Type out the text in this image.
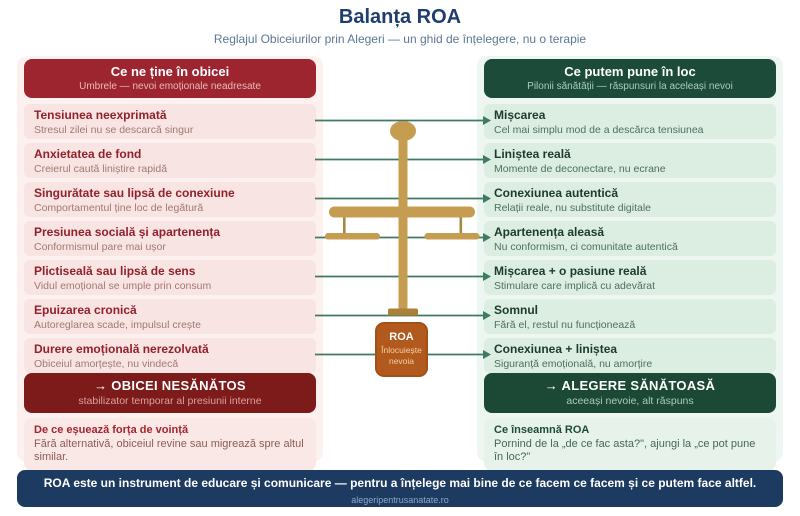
Balanța ROA
Reglajul Obiceiurilor prin Alegeri — un ghid de înțelegere, nu o terapie
Ce ne ține în obicei
Umbrele — nevoi emoționale neadresate
Tensiunea neexprimată
Stresul zilei nu se descarcă singur
Anxietatea de fond
Creierul caută liniștire rapidă
Singurătate sau lipsă de conexiune
Comportamentul ține loc de legătură
Presiunea socială și apartenența
Conformismul pare mai ușor
Plictiseală sau lipsă de sens
Vidul emoțional se umple prin consum
Epuizarea cronică
Autoreglarea scade, impulsul crește
Durere emoțională nerezolvată
Obiceiul amorțește, nu vindecă
→ OBICEI NESĂNĂTOS
stabilizator temporar al presiunii interne
De ce eșuează forța de voință
Fără alternativă, obiceiul revine sau migrează spre altul similar.
Ce putem pune în loc
Pilonii sănătății — răspunsuri la aceleași nevoi
Mișcarea
Cel mai simplu mod de a descărca tensiunea
Liniștea reală
Momente de deconectare, nu ecrane
Conexiunea autentică
Relații reale, nu substitute digitale
Apartenența aleasă
Nu conformism, ci comunitate autentică
Mișcarea + o pasiune reală
Stimulare care implică cu adevărat
Somnul
Fără el, restul nu funcționează
Conexiunea + liniștea
Siguranță emoțională, nu amorțire
→ ALEGERE SĂNĂTOASĂ
aceeași nevoie, alt răspuns
Ce înseamnă ROA
Pornind de la „de ce fac asta?", ajungi la „ce pot pune în loc?"
ROA
Înlocuiește nevoia
ROA este un instrument de educare și comunicare — pentru a înțelege mai bine de ce facem ce facem și ce putem face altfel.
alegeripentrusanatate.ro
